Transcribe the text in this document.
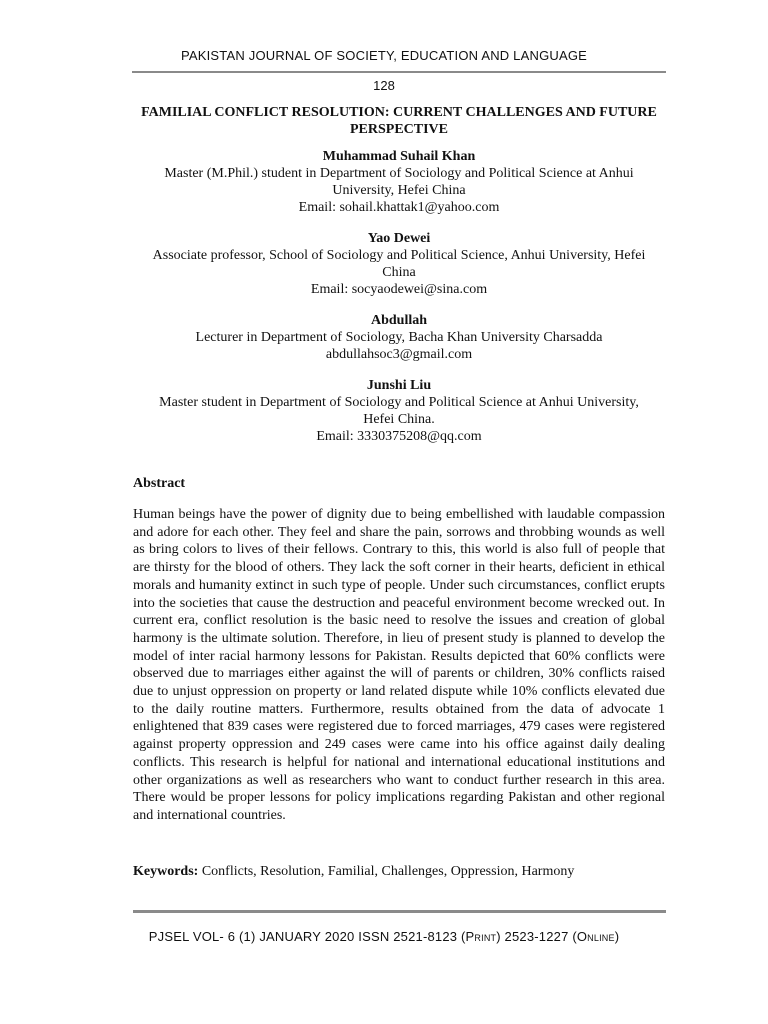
PAKISTAN JOURNAL OF SOCIETY, EDUCATION AND LANGUAGE
128
FAMILIAL CONFLICT RESOLUTION: CURRENT CHALLENGES AND FUTURE
PERSPECTIVE
Muhammad Suhail Khan
Master (M.Phil.) student in Department of Sociology and Political Science at Anhui
University, Hefei China
Email: sohail.khattak1@yahoo.com
Yao Dewei
Associate professor, School of Sociology and Political Science, Anhui University, Hefei
China
Email: socyaodewei@sina.com
Abdullah
Lecturer in Department of Sociology, Bacha Khan University Charsadda
abdullahsoc3@gmail.com
Junshi Liu
Master student in Department of Sociology and Political Science at Anhui University,
Hefei China.
Email: 3330375208@qq.com
Abstract
Human beings have the power of dignity due to being embellished with laudable compassion and adore for each other. They feel and share the pain, sorrows and throbbing wounds as well as bring colors to lives of their fellows. Contrary to this, this world is also full of people that are thirsty for the blood of others. They lack the soft corner in their hearts, deficient in ethical morals and humanity extinct in such type of people. Under such circumstances, conflict erupts into the societies that cause the destruction and peaceful environment become wrecked out. In current era, conflict resolution is the basic need to resolve the issues and creation of global harmony is the ultimate solution. Therefore, in lieu of present study is planned to develop the model of inter racial harmony lessons for Pakistan. Results depicted that 60% conflicts were observed due to marriages either against the will of parents or children, 30% conflicts raised due to unjust oppression on property or land related dispute while 10% conflicts elevated due to the daily routine matters. Furthermore, results obtained from the data of advocate 1 enlightened that 839 cases were registered due to forced marriages, 479 cases were registered against property oppression and 249 cases were came into his office against daily dealing conflicts. This research is helpful for national and international educational institutions and other organizations as well as researchers who want to conduct further research in this area. There would be proper lessons for policy implications regarding Pakistan and other regional and international countries.
Keywords: Conflicts, Resolution, Familial, Challenges, Oppression, Harmony
PJSEL VOL- 6 (1) JANUARY 2020 ISSN 2521-8123 (Print) 2523-1227 (Online)
